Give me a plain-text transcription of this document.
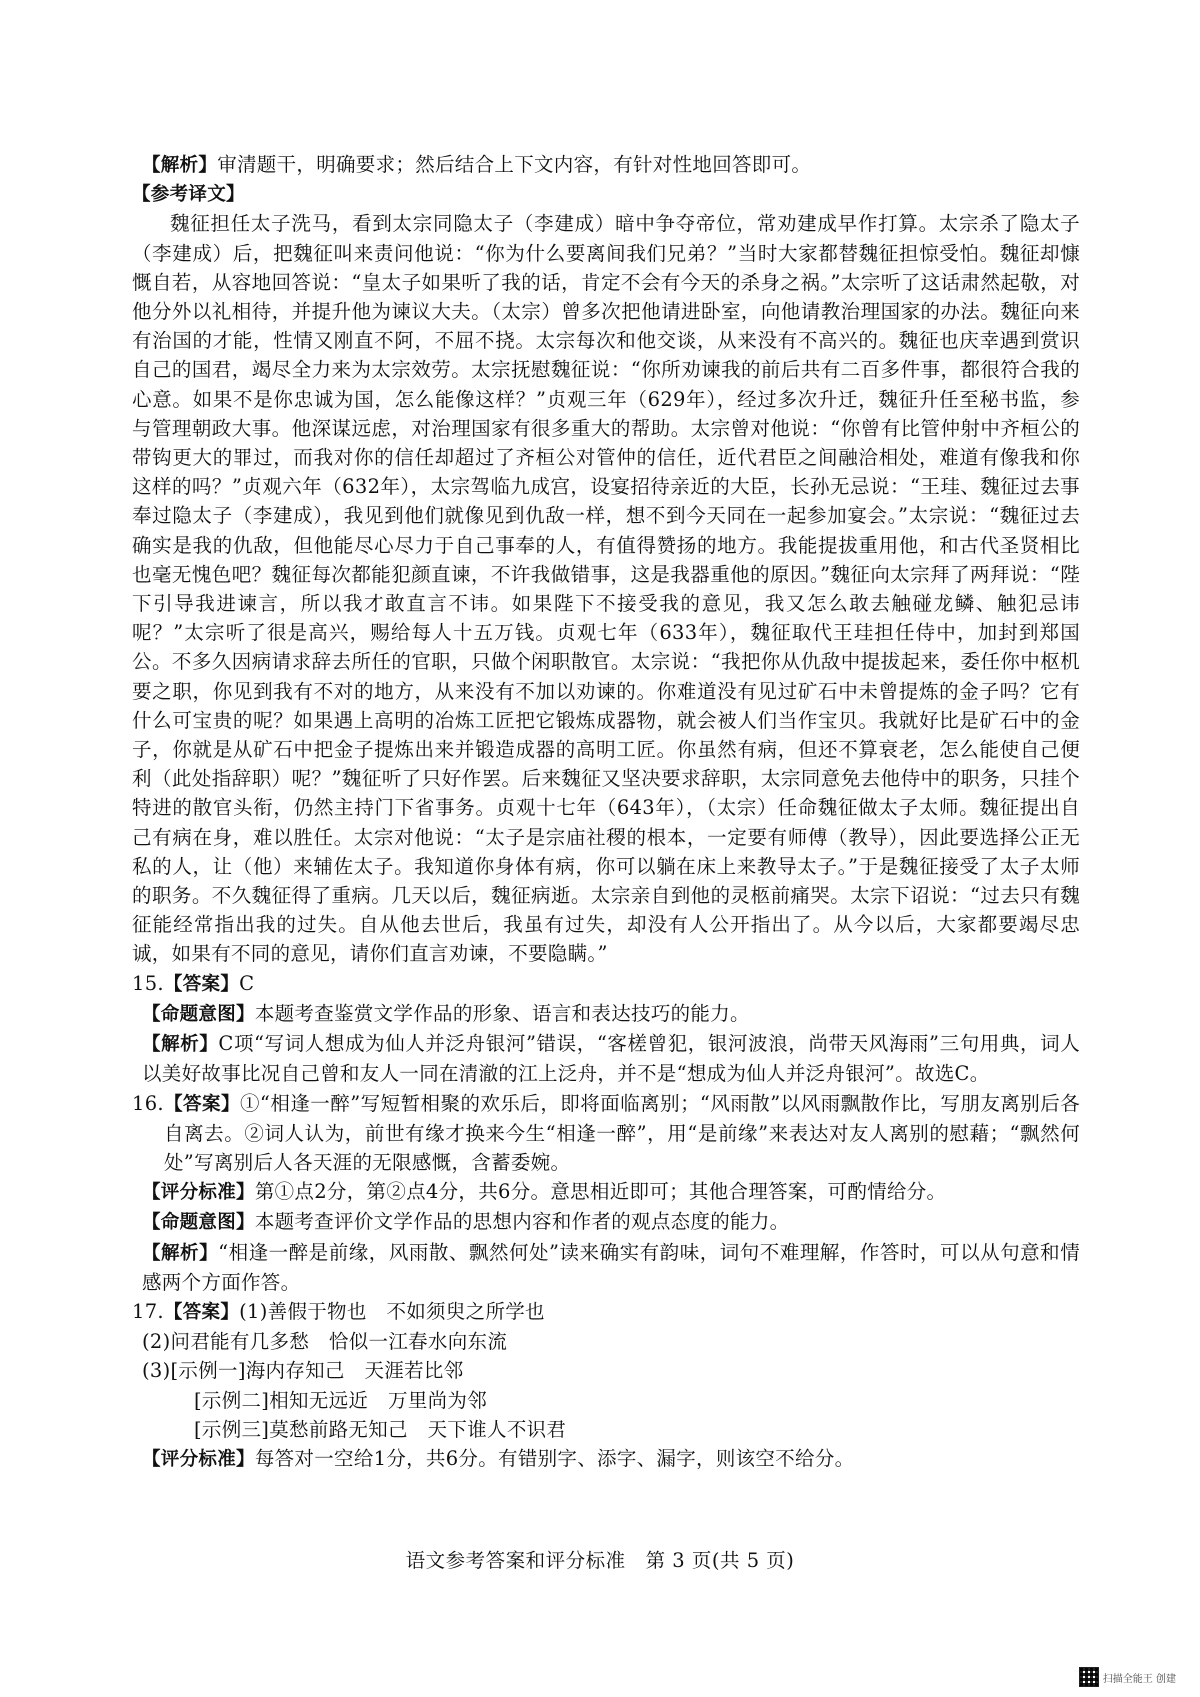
【解析】审清题干，明确要求；然后结合上下文内容，有针对性地回答即可。

【参考译文】

魏征担任太子洗马，看到太宗同隐太子（李建成）暗中争夺帝位，常劝建成早作打算。太宗杀了隐太子（李建成）后，把魏征叫来责问他说：“你为什么要离间我们兄弟？”当时大家都替魏征担惊受怕。魏征却慷慨自若，从容地回答说：“皇太子如果听了我的话，肯定不会有今天的杀身之祸。”太宗听了这话肃然起敬，对他分外以礼相待，并提升他为谏议大夫。（太宗）曾多次把他请进卧室，向他请教治理国家的办法。魏征向来有治国的才能，性情又刚直不阿，不屈不挠。太宗每次和他交谈，从来没有不高兴的。魏征也庆幸遇到赏识自己的国君，竭尽全力来为太宗效劳。太宗抚慰魏征说：“你所劝谏我的前后共有二百多件事，都很符合我的心意。如果不是你忠诚为国，怎么能像这样？”贞观三年（629年），经过多次升迁，魏征升任至秘书监，参与管理朝政大事。他深谋远虑，对治理国家有很多重大的帮助。太宗曾对他说：“你曾有比管仲射中齐桓公的带钩更大的罪过，而我对你的信任却超过了齐桓公对管仲的信任，近代君臣之间融洽相处，难道有像我和你这样的吗？”贞观六年（632年），太宗驾临九成宫，设宴招待亲近的大臣，长孙无忌说：“王珪、魏征过去事奉过隐太子（李建成），我见到他们就像见到仇敌一样，想不到今天同在一起参加宴会。”太宗说：“魏征过去确实是我的仇敌，但他能尽心尽力于自己事奉的人，有值得赞扬的地方。我能提拔重用他，和古代圣贤相比也毫无愧色吧？魏征每次都能犯颜直谏，不许我做错事，这是我器重他的原因。”魏征向太宗拜了两拜说：“陛下引导我进谏言，所以我才敢直言不讳。如果陛下不接受我的意见，我又怎么敢去触碰龙鳞、触犯忌讳呢？”太宗听了很是高兴，赐给每人十五万钱。贞观七年（633年），魏征取代王珪担任侍中，加封到郑国公。不多久因病请求辞去所任的官职，只做个闲职散官。太宗说：“我把你从仇敌中提拔起来，委任你中枢机要之职，你见到我有不对的地方，从来没有不加以劝谏的。你难道没有见过矿石中未曾提炼的金子吗？它有什么可宝贵的呢？如果遇上高明的冶炼工匠把它锻炼成器物，就会被人们当作宝贝。我就好比是矿石中的金子，你就是从矿石中把金子提炼出来并锻造成器的高明工匠。你虽然有病，但还不算衰老，怎么能使自己便利（此处指辞职）呢？”魏征听了只好作罢。后来魏征又坚决要求辞职，太宗同意免去他侍中的职务，只挂个特进的散官头衔，仍然主持门下省事务。贞观十七年（643年），（太宗）任命魏征做太子太师。魏征提出自己有病在身，难以胜任。太宗对他说：“太子是宗庙社稷的根本，一定要有师傅（教导），因此要选择公正无私的人，让（他）来辅佐太子。我知道你身体有病，你可以躺在床上来教导太子。”于是魏征接受了太子太师的职务。不久魏征得了重病。几天以后，魏征病逝。太宗亲自到他的灵柩前痛哭。太宗下诏说：“过去只有魏征能经常指出我的过失。自从他去世后，我虽有过失，却没有人公开指出了。从今以后，大家都要竭尽忠诚，如果有不同的意见，请你们直言劝谏，不要隐瞒。”

15.【答案】C

【命题意图】本题考查鉴赏文学作品的形象、语言和表达技巧的能力。

【解析】C项“写词人想成为仙人并泛舟银河”错误，“客槎曾犯，银河波浪，尚带天风海雨”三句用典，词人以美好故事比况自己曾和友人一同在清澈的江上泛舟，并不是“想成为仙人并泛舟银河”。故选C。

16.【答案】①“相逢一醉”写短暂相聚的欢乐后，即将面临离别；“风雨散”以风雨飘散作比，写朋友离别后各自离去。②词人认为，前世有缘才换来今生“相逢一醉”，用“是前缘”来表达对友人离别的慰藉；“飘然何处”写离别后人各天涯的无限感慨，含蓄委婉。

【评分标准】第①点2分，第②点4分，共6分。意思相近即可；其他合理答案，可酌情给分。

【命题意图】本题考查评价文学作品的思想内容和作者的观点态度的能力。

【解析】“相逢一醉是前缘，风雨散、飘然何处”读来确实有韵味，词句不难理解，作答时，可以从句意和情感两个方面作答。

17.【答案】(1)善假于物也　不如须臾之所学也

(2)问君能有几多愁　恰似一江春水向东流
(3)[示例一]海内存知己　天涯若比邻
[示例二]相知无远近　万里尚为邻
[示例三]莫愁前路无知己　天下谁人不识君

【评分标准】每答对一空给1分，共6分。有错别字、添字、漏字，则该空不给分。

语文参考答案和评分标准　第 3 页(共 5 页)
扫描全能王 创建
